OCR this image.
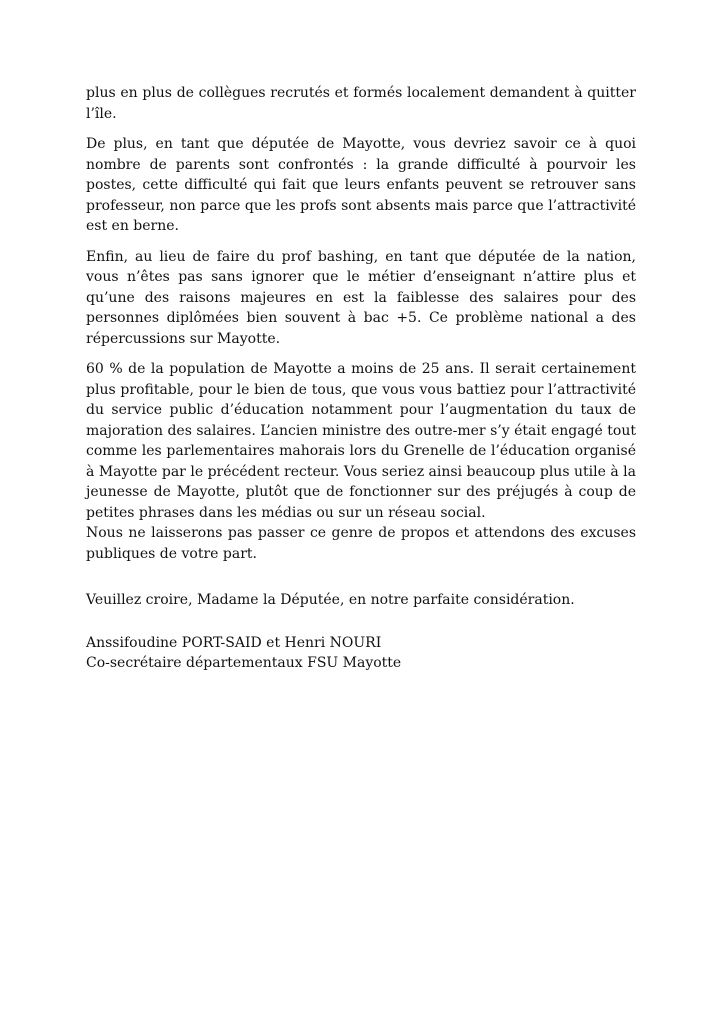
plus en plus de collègues recrutés et formés localement demandent à quitter l’île.

De plus, en tant que députée de Mayotte, vous devriez savoir ce à quoi nombre de parents sont confrontés : la grande difficulté à pourvoir les postes, cette difficulté qui fait que leurs enfants peuvent se retrouver sans professeur, non parce que les profs sont absents mais parce que l’attractivité est en berne.

Enfin, au lieu de faire du prof bashing, en tant que députée de la nation, vous n’êtes pas sans ignorer que le métier d’enseignant n’attire plus et qu’une des raisons majeures en est la faiblesse des salaires pour des personnes diplômées bien souvent à bac +5. Ce problème national a des répercussions sur Mayotte.

60 % de la population de Mayotte a moins de 25 ans. Il serait certainement plus profitable, pour le bien de tous, que vous vous battiez pour l’attractivité du service public d’éducation notamment pour l’augmentation du taux de majoration des salaires. L’ancien ministre des outre-mer s’y était engagé tout comme les parlementaires mahorais lors du Grenelle de l’éducation organisé à Mayotte par le précédent recteur. Vous seriez ainsi beaucoup plus utile à la jeunesse de Mayotte, plutôt que de fonctionner sur des préjugés à coup de petites phrases dans les médias ou sur un réseau social.

Nous ne laisserons pas passer ce genre de propos et attendons des excuses publiques de votre part.

Veuillez croire, Madame la Députée, en notre parfaite considération.

Anssifoudine PORT-SAID et Henri NOURI
Co-secrétaire départementaux FSU Mayotte
